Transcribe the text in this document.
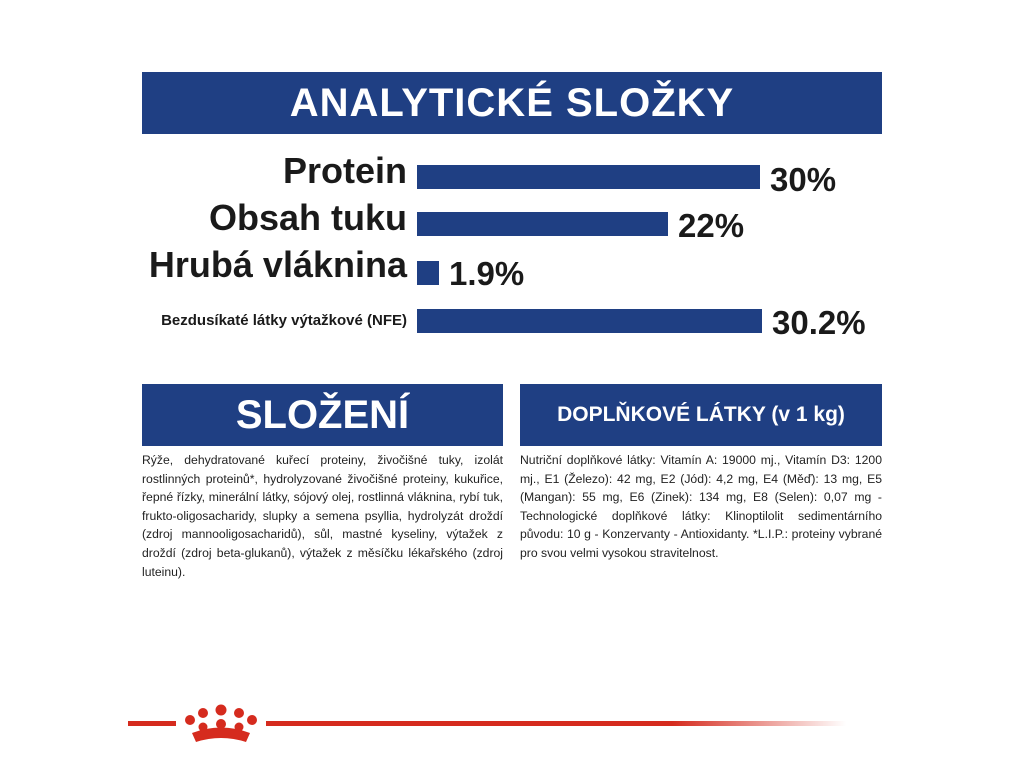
ANALYTICKÉ SLOŽKY
Protein	30%
Obsah tuku	22%
Hrubá vláknina 1.9%
Bezdusíkaté látky výtažkové (NFE)	30.2%
SLOŽENÍ
Rýže, dehydratované kuřecí proteiny, živočišné tuky, izolát rostlinných proteinů*, hydrolyzované živočišné proteiny, kukuřice, řepné řízky, minerální látky, sójový olej, rostlinná vláknina, rybí tuk, frukto-oligosacharidy, slupky a semena psyllia, hydrolyzát droždí (zdroj mannooligosacharidů), sůl, mastné kyseliny, výtažek z droždí (zdroj beta-glukanů), výtažek z měsíčku lékařského (zdroj luteinu).
DOPLŇKOVÉ LÁTKY (v 1 kg)
Nutriční doplňkové látky: Vitamín A: 19000 mj., Vitamín D3: 1200 mj., E1 (Železo): 42 mg, E2 (Jód): 4,2 mg, E4 (Měď): 13 mg, E5 (Mangan): 55 mg, E6 (Zinek): 134 mg, E8 (Selen): 0,07 mg - Technologické doplňkové látky: Klinoptilolit sedimentárního původu: 10 g - Konzervanty - Antioxidanty. *L.I.P.: proteiny vybrané pro svou velmi vysokou stravitelnost.
